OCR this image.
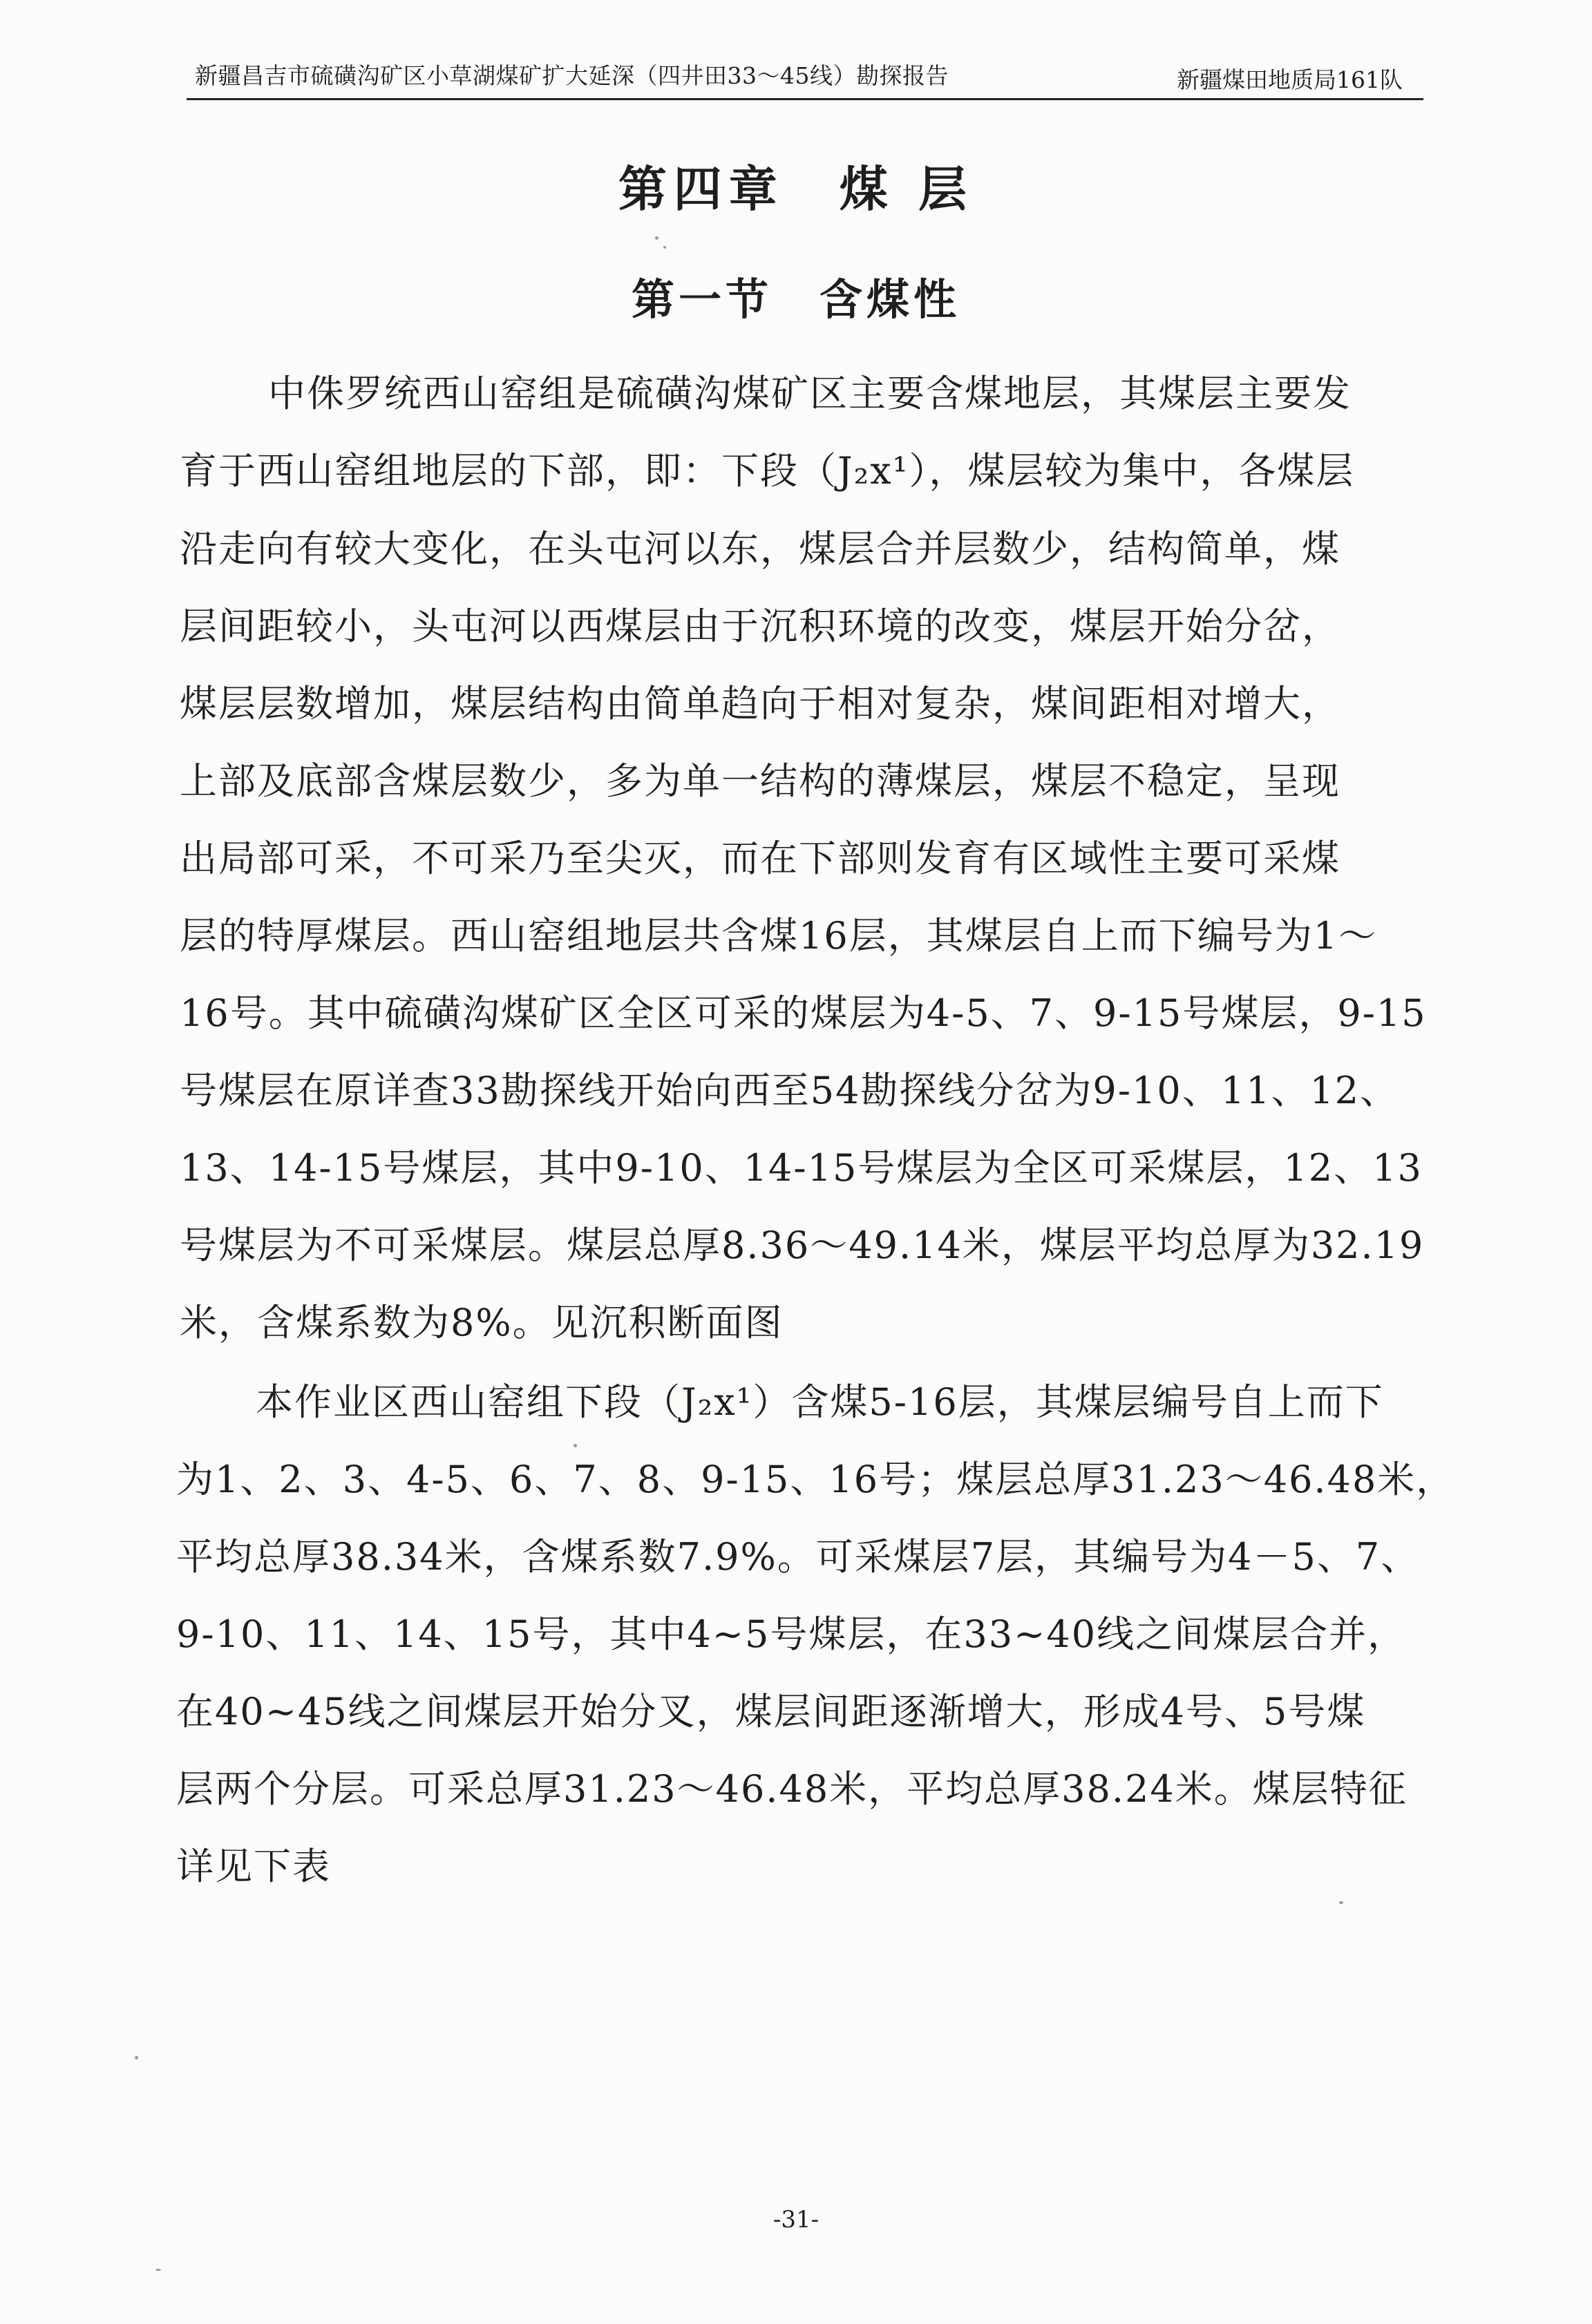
新疆昌吉市硫磺沟矿区小草湖煤矿扩大延深（四井田33～45线）勘探报告	新疆煤田地质局161队
第四章　煤 层
第一节　含煤性
中侏罗统西山窑组是硫磺沟煤矿区主要含煤地层，其煤层主要发
育于西山窑组地层的下部，即：下段（J₂x¹），煤层较为集中，各煤层
沿走向有较大变化，在头屯河以东，煤层合并层数少，结构简单，煤
层间距较小，头屯河以西煤层由于沉积环境的改变，煤层开始分岔，
煤层层数增加，煤层结构由简单趋向于相对复杂，煤间距相对增大，
上部及底部含煤层数少，多为单一结构的薄煤层，煤层不稳定，呈现
出局部可采，不可采乃至尖灭，而在下部则发育有区域性主要可采煤
层的特厚煤层。西山窑组地层共含煤16层，其煤层自上而下编号为1～
16号。其中硫磺沟煤矿区全区可采的煤层为4-5、7、9-15号煤层，9-15
号煤层在原详查33勘探线开始向西至54勘探线分岔为9-10、11、12、
13、14-15号煤层，其中9-10、14-15号煤层为全区可采煤层，12、13
号煤层为不可采煤层。煤层总厚8.36～49.14米，煤层平均总厚为32.19
米，含煤系数为8%。见沉积断面图
本作业区西山窑组下段（J₂x¹）含煤5-16层，其煤层编号自上而下
为1、2、3、4-5、6、7、8、9-15、16号；煤层总厚31.23～46.48米，
平均总厚38.34米，含煤系数7.9%。可采煤层7层，其编号为4－5、7、
9-10、11、14、15号，其中4~5号煤层，在33~40线之间煤层合并，
在40~45线之间煤层开始分叉，煤层间距逐渐增大，形成4号、5号煤
层两个分层。可采总厚31.23～46.48米，平均总厚38.24米。煤层特征
详见下表
-31-
